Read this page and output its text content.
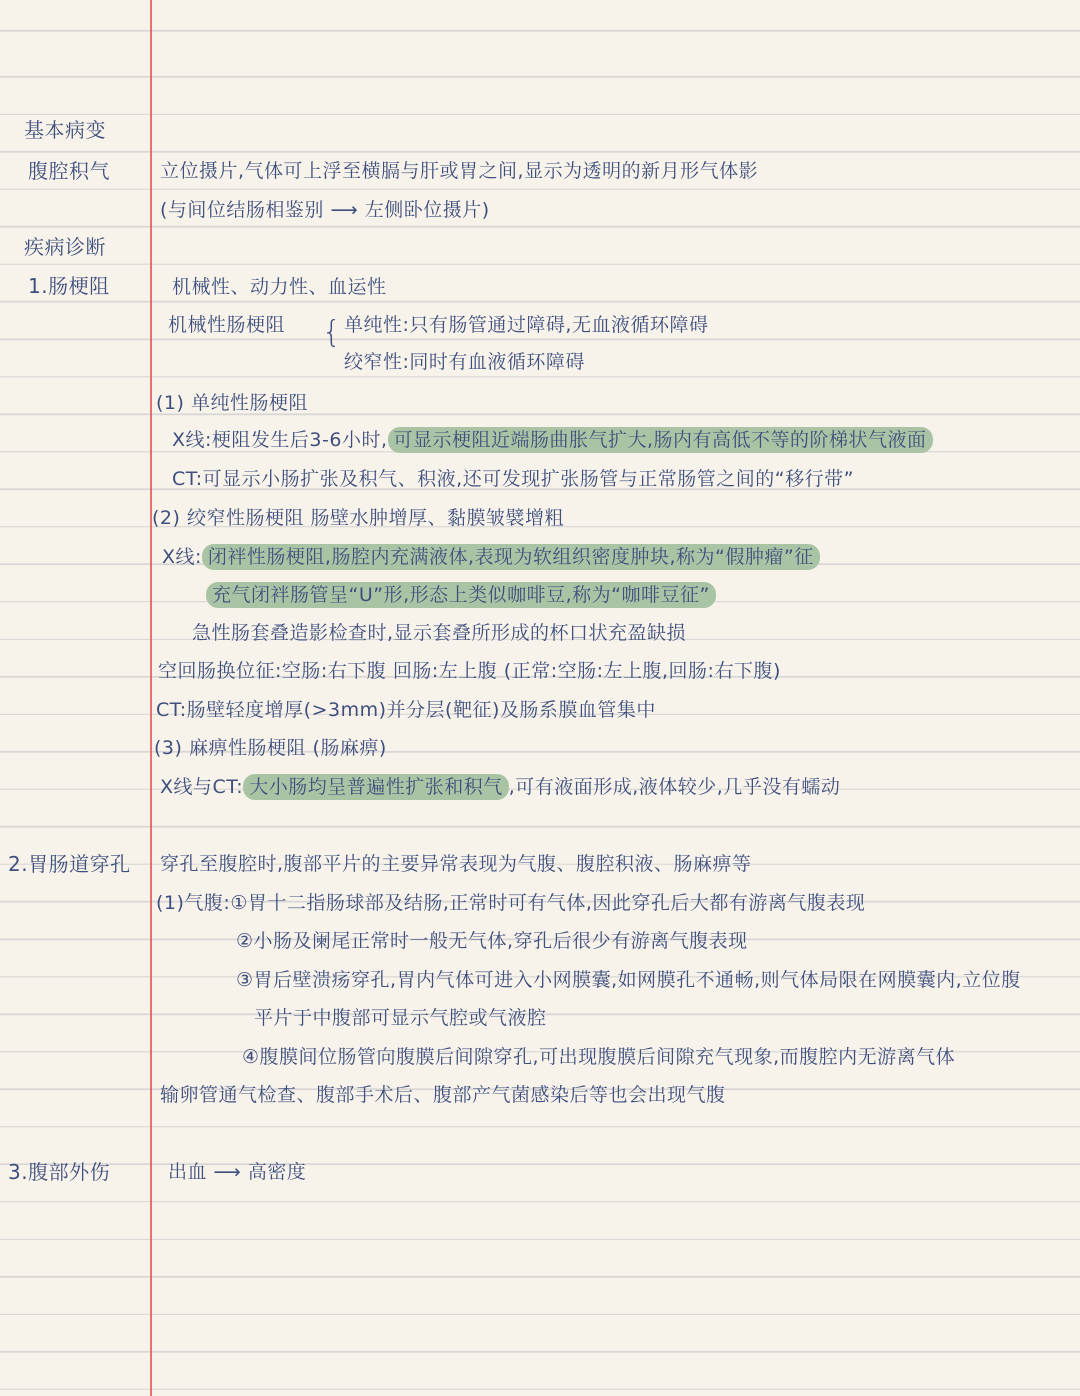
基本病变
腹腔积气
疾病诊断
1.肠梗阻
2.胃肠道穿孔
3.腹部外伤
立位摄片,气体可上浮至横膈与肝或胃之间,显示为透明的新月形气体影
(与间位结肠相鉴别 ⟶ 左侧卧位摄片)
机械性、动力性、血运性
机械性肠梗阻 { 单纯性:只有肠管通过障碍,无血液循环障碍
绞窄性:同时有血液循环障碍
(1) 单纯性肠梗阻
X线:梗阻发生后3-6小时, 可显示梗阻近端肠曲胀气扩大,肠内有高低不等的阶梯状气液面
CT:可显示小肠扩张及积气、积液,还可发现扩张肠管与正常肠管之间的“移行带”
(2) 绞窄性肠梗阻 肠壁水肿增厚、黏膜皱襞增粗
X线: 闭袢性肠梗阻,肠腔内充满液体,表现为软组织密度肿块,称为“假肿瘤”征
充气闭袢肠管呈“U”形,形态上类似咖啡豆,称为“咖啡豆征”
急性肠套叠造影检查时,显示套叠所形成的杯口状充盈缺损
空回肠换位征:空肠:右下腹 回肠:左上腹 (正常:空肠:左上腹,回肠:右下腹)
CT:肠壁轻度增厚(>3mm)并分层(靶征)及肠系膜血管集中
(3) 麻痹性肠梗阻 (肠麻痹)
X线与CT: 大小肠均呈普遍性扩张和积气 ,可有液面形成,液体较少,几乎没有蠕动
穿孔至腹腔时,腹部平片的主要异常表现为气腹、腹腔积液、肠麻痹等
(1)气腹:①胃十二指肠球部及结肠,正常时可有气体,因此穿孔后大都有游离气腹表现
②小肠及阑尾正常时一般无气体,穿孔后很少有游离气腹表现
③胃后壁溃疡穿孔,胃内气体可进入小网膜囊,如网膜孔不通畅,则气体局限在网膜囊内,立位腹
平片于中腹部可显示气腔或气液腔
④腹膜间位肠管向腹膜后间隙穿孔,可出现腹膜后间隙充气现象,而腹腔内无游离气体
输卵管通气检查、腹部手术后、腹部产气菌感染后等也会出现气腹
出血 ⟶ 高密度
